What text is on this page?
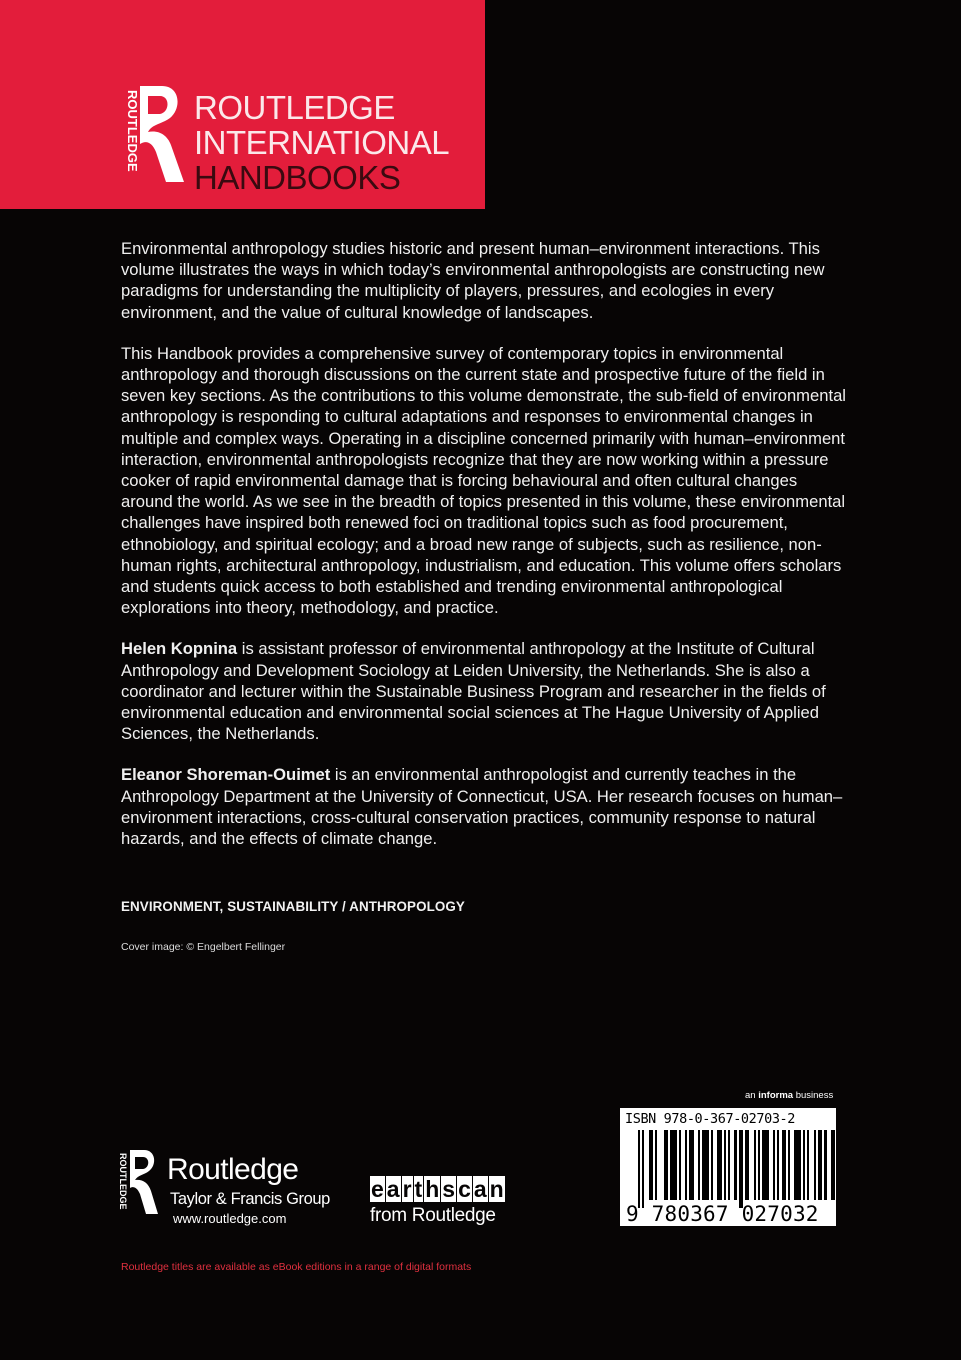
ROUTLEDGE ROUTLEDGE
INTERNATIONAL
HANDBOOKS

Environmental anthropology studies historic and present human–environment interactions. This volume illustrates the ways in which today’s environmental anthropologists are constructing new paradigms for understanding the multiplicity of players, pressures, and ecologies in every environment, and the value of cultural knowledge of landscapes.

This Handbook provides a comprehensive survey of contemporary topics in environmental anthropology and thorough discussions on the current state and prospective future of the field in seven key sections. As the contributions to this volume demonstrate, the sub-field of environmental anthropology is responding to cultural adaptations and responses to environmental changes in multiple and complex ways. Operating in a discipline concerned primarily with human–environment interaction, environmental anthropologists recognize that they are now working within a pressure cooker of rapid environmental damage that is forcing behavioural and often cultural changes around the world. As we see in the breadth of topics presented in this volume, these environmental challenges have inspired both renewed foci on traditional topics such as food procurement, ethnobiology, and spiritual ecology; and a broad new range of subjects, such as resilience, non-human rights, architectural anthropology, industrialism, and education. This volume offers scholars and students quick access to both established and trending environmental anthropological explorations into theory, methodology, and practice.

Helen Kopnina is assistant professor of environmental anthropology at the Institute of Cultural Anthropology and Development Sociology at Leiden University, the Netherlands. She is also a coordinator and lecturer within the Sustainable Business Program and researcher in the fields of environmental education and environmental social sciences at The Hague University of Applied Sciences, the Netherlands.

Eleanor Shoreman-Ouimet is an environmental anthropologist and currently teaches in the Anthropology Department at the University of Connecticut, USA. Her research focuses on human–environment interactions, cross-cultural conservation practices, community response to natural hazards, and the effects of climate change.

ENVIRONMENT, SUSTAINABILITY / ANTHROPOLOGY
Cover image: © Engelbert Fellinger
an informa business
ISBN 978-0-367-02703-2
9 780367 027032
ROUTLEDGE Routledge
Taylor & Francis Group
www.routledge.com
e a r t h s c a n
from Routledge
Routledge titles are available as eBook editions in a range of digital formats
